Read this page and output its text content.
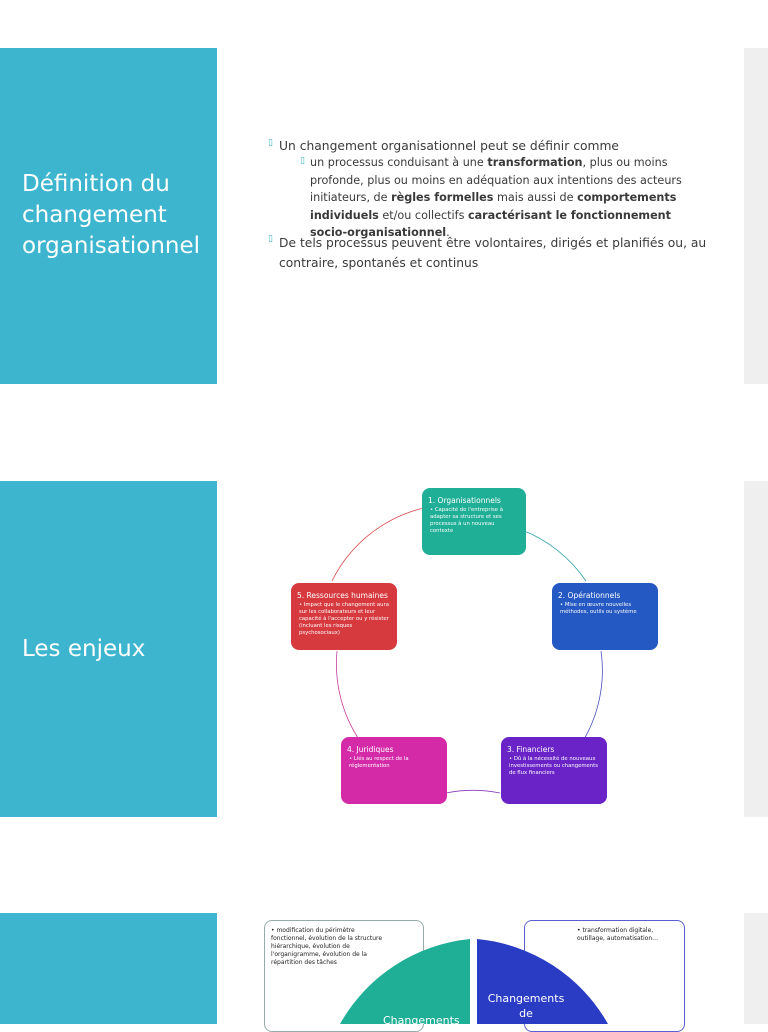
Définition du
changement
organisationnel
▯ Un changement organisationnel peut se définir comme
▯ un processus conduisant à une transformation, plus ou moins profonde, plus ou moins en adéquation aux intentions des acteurs initiateurs, de règles formelles mais aussi de comportements individuels et/ou collectifs caractérisant le fonctionnement socio-organisationnel.
▯ De tels processus peuvent être volontaires, dirigés et planifiés ou, au contraire, spontanés et continus
Les enjeux
1. Organisationnels
• Capacité de l'entreprise à adapter sa structure et ses processus à un nouveau contexte
2. Opérationnels
• Mise en œuvre nouvelles méthodes, outils ou système
3. Financiers
• Dû à la nécessité de nouveaux investissements ou changements de flux financiers
4. Juridiques
• Liés au respect de la réglementation
5. Ressources humaines
• Impact que le changement aura sur les collaborateurs et leur capacité à l'accepter ou y résister (incluant les risques psychosociaux)
• modification du périmètre fonctionnel, évolution de la structure hiérarchique, évolution de l'organigramme, évolution de la répartition des tâches
• transformation digitale, outillage, automatisation…
Changements
Changements
de
